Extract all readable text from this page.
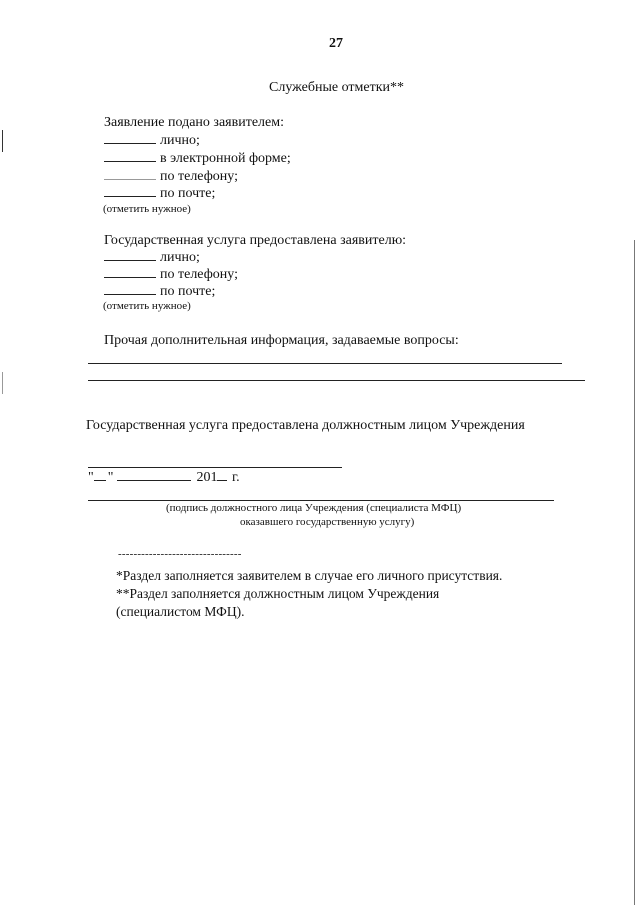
27
Служебные отметки**
Заявление подано заявителем:
лично;
в электронной форме;
по телефону;
по почте;
(отметить нужное)
Государственная услуга предоставлена заявителю:
лично;
по телефону;
по почте;
(отметить нужное)
Прочая дополнительная информация, задаваемые вопросы:
Государственная услуга предоставлена должностным лицом Учреждения
" "	201 г.
(подпись должностного лица Учреждения (специалиста МФЦ)
оказавшего государственную услугу)
--------------------------------
*Раздел заполняется заявителем в случае его личного присутствия.
**Раздел заполняется должностным лицом Учреждения
(специалистом МФЦ).
